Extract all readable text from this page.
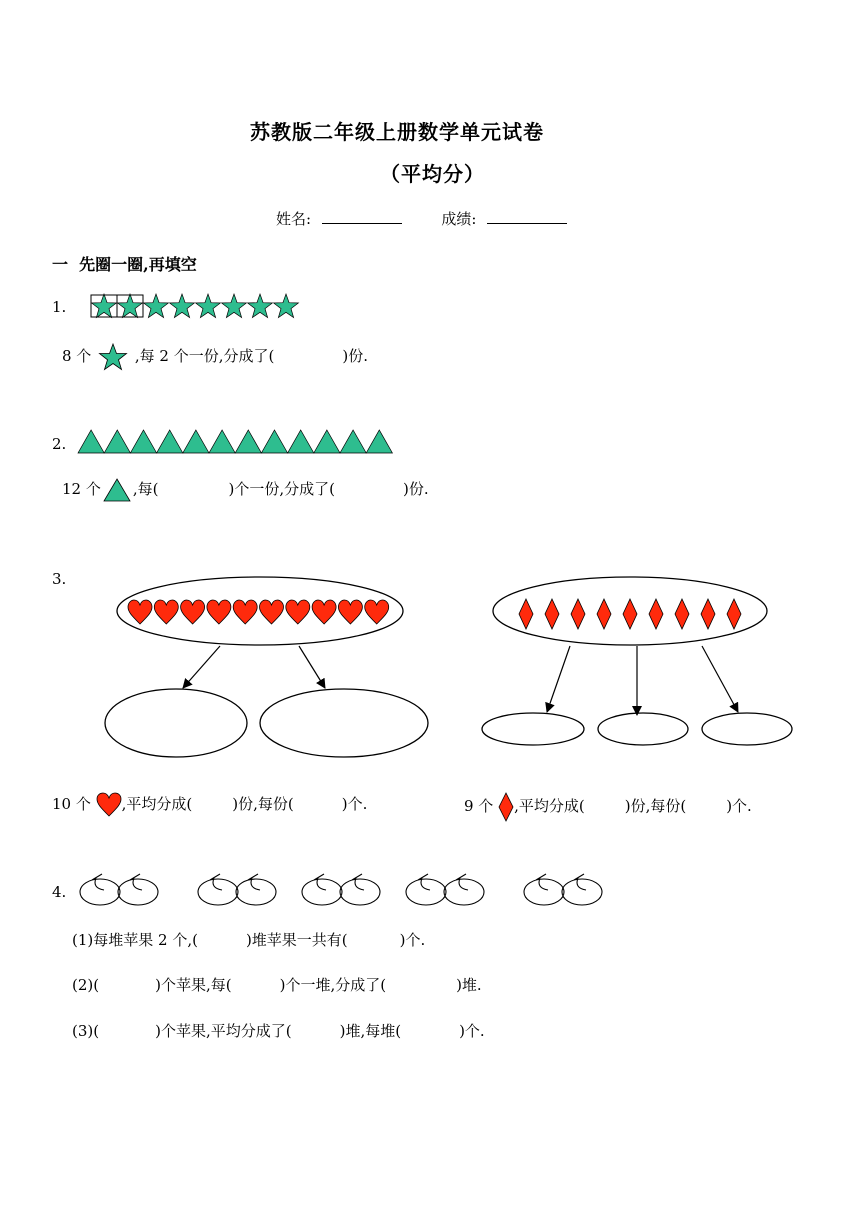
苏教版二年级上册数学单元试卷
（平均分）
姓名:	成绩:
一  先圈一圈,再填空
1.
8 个	,每 2 个一份,分成了(	)份.
2.
12 个 ,每(	)个一份,分成了(	)份.
3.
10 个 ,平均分成(	)份,每份(	)个.	9 个 ,平均分成(	)份,每份(	)个.
4.
(1)每堆苹果 2 个,(	)堆苹果一共有(	)个.
(2)(	)个苹果,每(	)个一堆,分成了(	)堆.
(3)(	)个苹果,平均分成了(	)堆,每堆(	)个.
